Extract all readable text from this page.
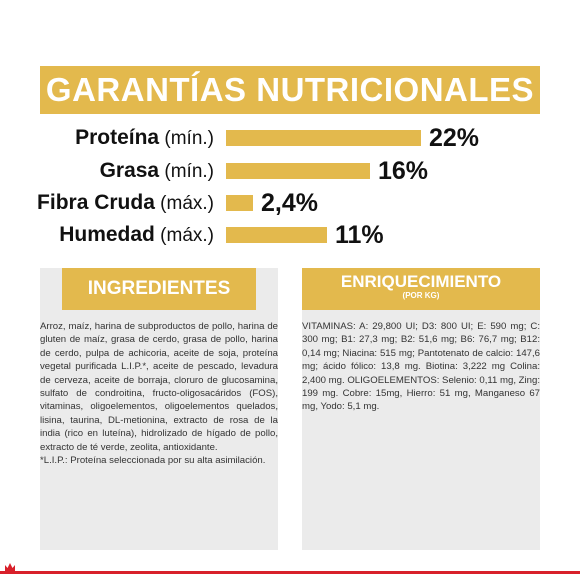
GARANTÍAS NUTRICIONALES
Proteína (mín.)	22%
Grasa (mín.)	16%
Fibra Cruda (máx.) 2,4%
Humedad (máx.)	11%
INGREDIENTES
Arroz, maíz, harina de subproductos de pollo, harina de gluten de maíz, grasa de cerdo, grasa de pollo, harina de cerdo, pulpa de achicoria, aceite de soja, proteína vegetal purificada L.I.P.*, aceite de pescado, levadura de cerveza, aceite de borraja, cloruro de glucosamina, sulfato de condroitina, fructo-oligosacáridos (FOS), vitaminas, oligoelementos, oligoelementos quelados, lisina, taurina, DL-metionina, extracto de rosa de la india (rico en luteína), hidrolizado de hígado de pollo, extracto de té verde, zeolita, antioxidante.
*L.I.P.: Proteína seleccionada por su alta asimilación.
ENRIQUECIMIENTO
(POR KG)
VITAMINAS: A: 29,800 UI; D3: 800 UI; E: 590 mg; C: 300 mg; B1: 27,3 mg; B2: 51,6 mg; B6: 76,7 mg; B12: 0,14 mg; Niacina: 515 mg; Pantotenato de calcio: 147,6 mg; ácido fólico: 13,8 mg. Biotina: 3,222 mg Colina: 2,400 mg. OLIGOELEMENTOS: Selenio: 0,11 mg, Zing: 199 mg. Cobre: 15mg, Hierro: 51 mg, Manganeso 67 mg, Yodo: 5,1 mg.
